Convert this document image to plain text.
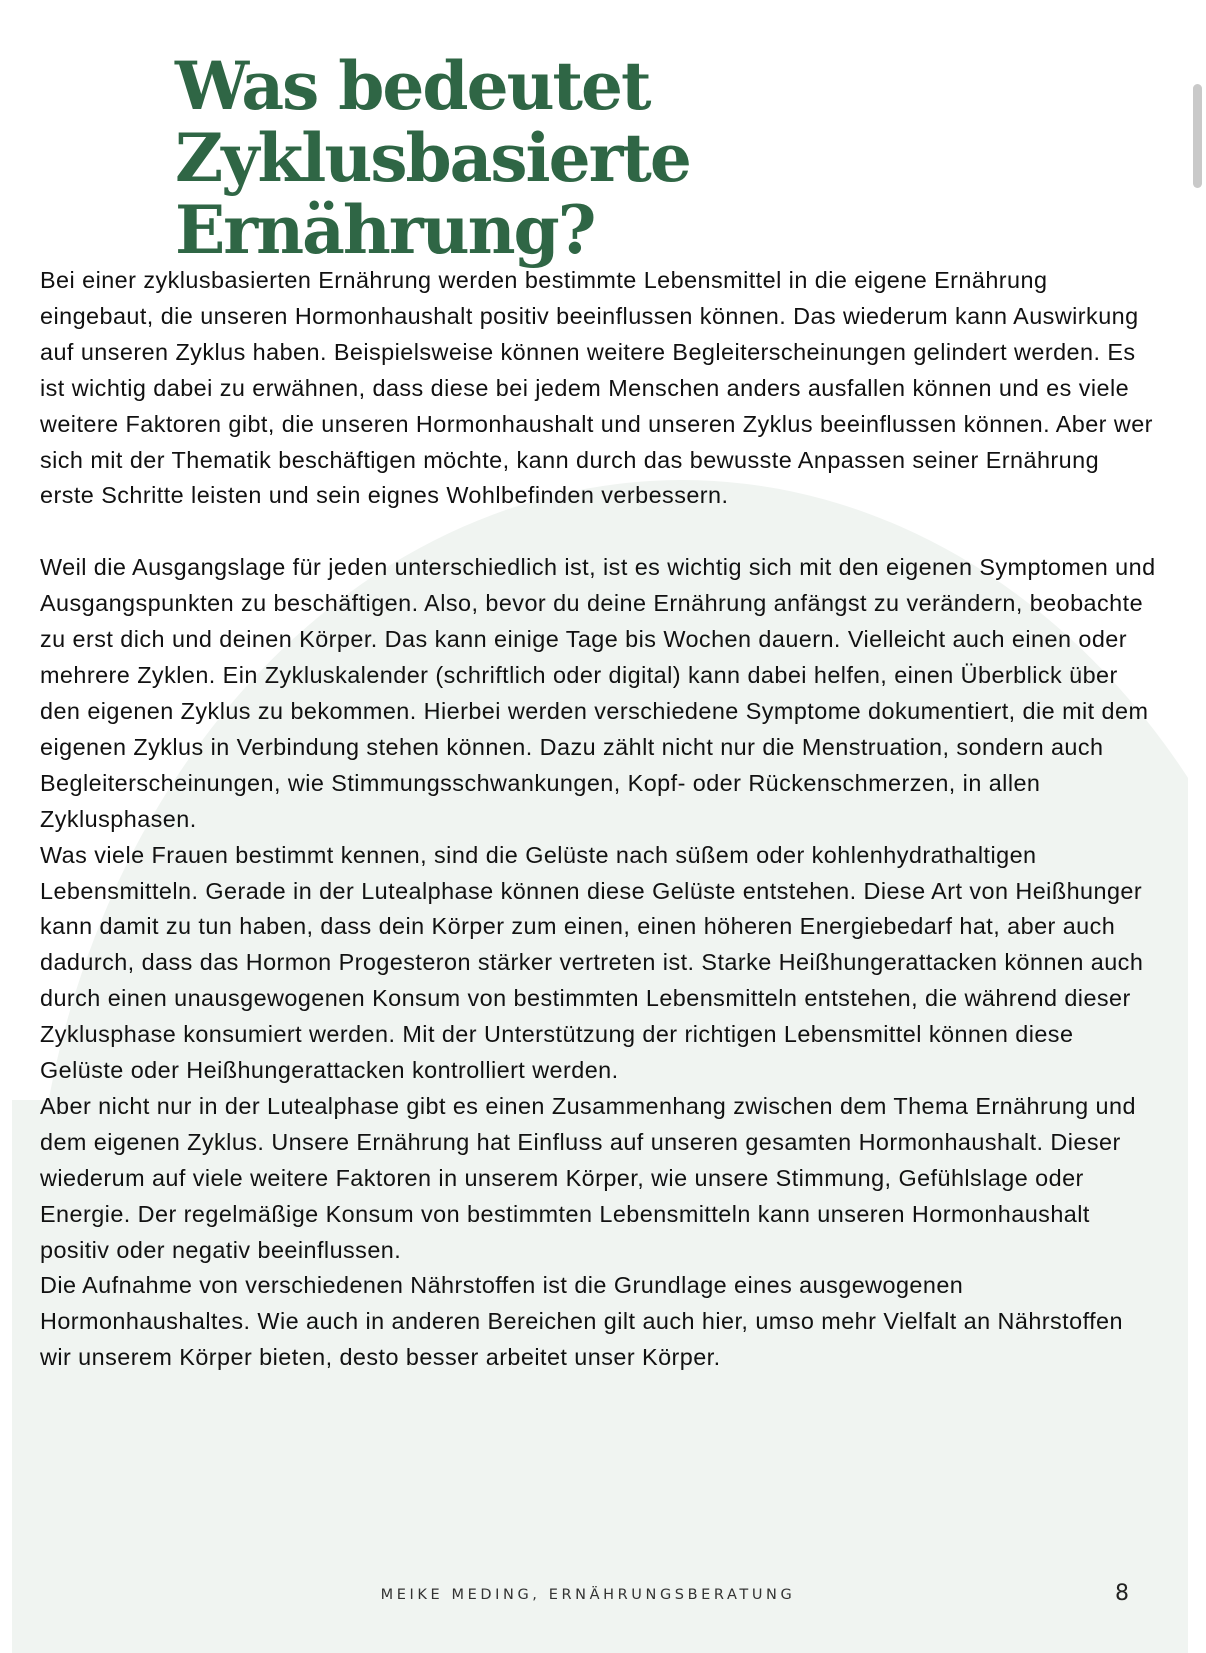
Was bedeutet Zyklusbasierte Ernährung?

Bei einer zyklusbasierten Ernährung werden bestimmte Lebensmittel in die eigene Ernährung eingebaut, die unseren Hormonhaushalt positiv beeinflussen können. Das wiederum kann Auswirkung auf unseren Zyklus haben. Beispielsweise können weitere Begleiterscheinungen gelindert werden. Es ist wichtig dabei zu erwähnen, dass diese bei jedem Menschen anders ausfallen können und es viele weitere Faktoren gibt, die unseren Hormonhaushalt und unseren Zyklus beeinflussen können. Aber wer sich mit der Thematik beschäftigen möchte, kann durch das bewusste Anpassen seiner Ernährung erste Schritte leisten und sein eignes Wohlbefinden verbessern.

Weil die Ausgangslage für jeden unterschiedlich ist, ist es wichtig sich mit den eigenen Symptomen und Ausgangspunkten zu beschäftigen. Also, bevor du deine Ernährung anfängst zu verändern, beobachte zu erst dich und deinen Körper. Das kann einige Tage bis Wochen dauern. Vielleicht auch einen oder mehrere Zyklen. Ein Zykluskalender (schriftlich oder digital) kann dabei helfen, einen Überblick über den eigenen Zyklus zu bekommen. Hierbei werden verschiedene Symptome dokumentiert, die mit dem eigenen Zyklus in Verbindung stehen können. Dazu zählt nicht nur die Menstruation, sondern auch Begleiterscheinungen, wie Stimmungsschwankungen, Kopf- oder Rückenschmerzen, in allen Zyklusphasen.

Was viele Frauen bestimmt kennen, sind die Gelüste nach süßem oder kohlenhydrathaltigen Lebensmitteln. Gerade in der Lutealphase können diese Gelüste entstehen. Diese Art von Heißhunger kann damit zu tun haben, dass dein Körper zum einen, einen höheren Energiebedarf hat, aber auch dadurch, dass das Hormon Progesteron stärker vertreten ist. Starke Heißhungerattacken können auch durch einen unausgewogenen Konsum von bestimmten Lebensmitteln entstehen, die während dieser Zyklusphase konsumiert werden. Mit der Unterstützung der richtigen Lebensmittel können diese Gelüste oder Heißhungerattacken kontrolliert werden.

Aber nicht nur in der Lutealphase gibt es einen Zusammenhang zwischen dem Thema Ernährung und dem eigenen Zyklus. Unsere Ernährung hat Einfluss auf unseren gesamten Hormonhaushalt. Dieser wiederum auf viele weitere Faktoren in unserem Körper, wie unsere Stimmung, Gefühlslage oder Energie. Der regelmäßige Konsum von bestimmten Lebensmitteln kann unseren Hormonhaushalt positiv oder negativ beeinflussen.

Die Aufnahme von verschiedenen Nährstoffen ist die Grundlage eines ausgewogenen Hormonhaushaltes. Wie auch in anderen Bereichen gilt auch hier, umso mehr Vielfalt an Nährstoffen wir unserem Körper bieten, desto besser arbeitet unser Körper.

MEIKE MEDING, ERNÄHRUNGSBERATUNG	8
